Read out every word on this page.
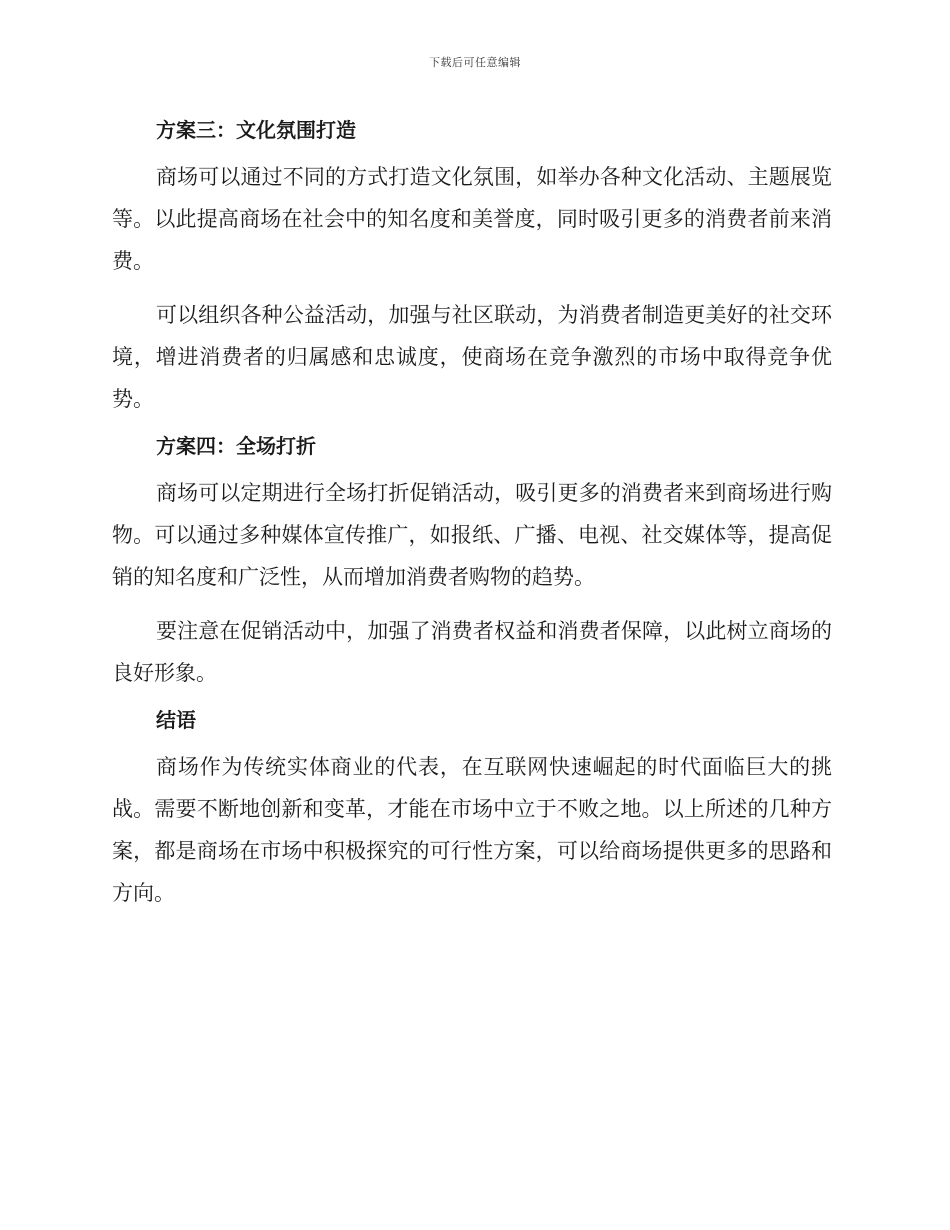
下载后可任意编辑
方案三：文化氛围打造

商场可以通过不同的方式打造文化氛围，如举办各种文化活动、主题展览等。以此提高商场在社会中的知名度和美誉度，同时吸引更多的消费者前来消费。

可以组织各种公益活动，加强与社区联动，为消费者制造更美好的社交环境，增进消费者的归属感和忠诚度，使商场在竞争激烈的市场中取得竞争优势。

方案四：全场打折

商场可以定期进行全场打折促销活动，吸引更多的消费者来到商场进行购物。可以通过多种媒体宣传推广，如报纸、广播、电视、社交媒体等，提高促销的知名度和广泛性，从而增加消费者购物的趋势。

要注意在促销活动中，加强了消费者权益和消费者保障，以此树立商场的良好形象。

结语

商场作为传统实体商业的代表，在互联网快速崛起的时代面临巨大的挑战。需要不断地创新和变革，才能在市场中立于不败之地。以上所述的几种方案，都是商场在市场中积极探究的可行性方案，可以给商场提供更多的思路和方向。
